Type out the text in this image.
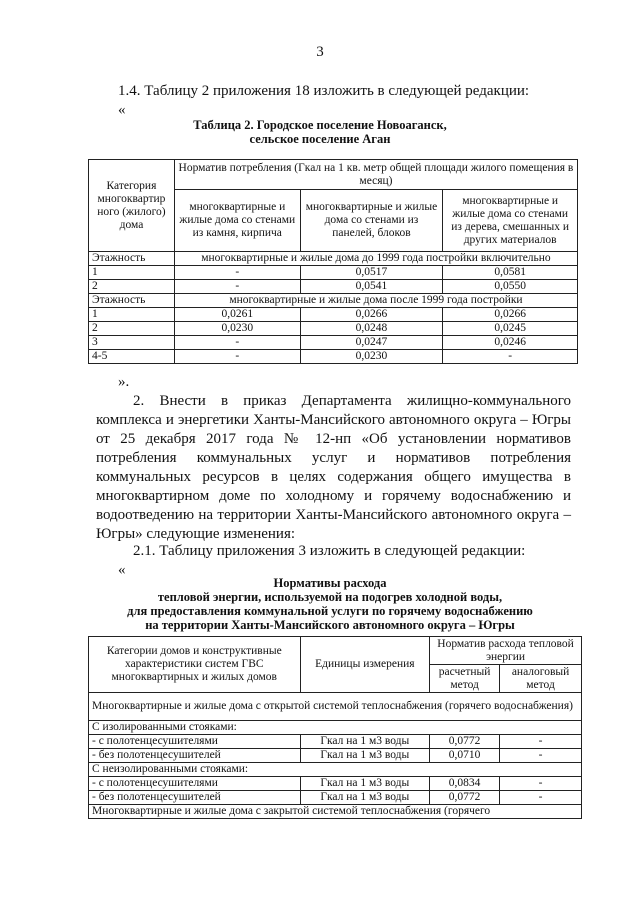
3
1.4. Таблицу 2 приложения 18 изложить в следующей редакции:
«
Таблица 2. Городское поселение Новоаганск,
сельское поселение Аган
Категория многоквартир ного (жилого) дома	Норматив потребления (Гкал на 1 кв. метр общей площади жилого помещения в месяц)		
	многоквартирные и жилые дома со стенами из камня, кирпича	многоквартирные и жилые дома со стенами из панелей, блоков	многоквартирные и жилые дома со стенами из дерева, смешанных и других материалов
Этажность	многоквартирные и жилые дома до 1999 года постройки включительно		
1	-	0,0517	0,0581
2	-	0,0541	0,0550
Этажность	многоквартирные и жилые дома после 1999 года постройки		
1	0,0261	0,0266	0,0266
2	0,0230	0,0248	0,0245
3	-	0,0247	0,0246
4-5	-	0,0230	-
».
2. Внести в приказ Департамента жилищно-коммунального
комплекса и энергетики Ханты-Мансийского автономного округа – Югры
от 25 декабря 2017 года № 12-нп «Об установлении нормативов
потребления коммунальных услуг и нормативов потребления
коммунальных ресурсов в целях содержания общего имущества в
многоквартирном доме по холодному и горячему водоснабжению и
водоотведению на территории Ханты-Мансийского автономного округа –
Югры» следующие изменения:
2.1. Таблицу приложения 3 изложить в следующей редакции:
«
Нормативы расхода
тепловой энергии, используемой на подогрев холодной воды,
для предоставления коммунальной услуги по горячему водоснабжению
на территории Ханты-Мансийского автономного округа – Югры
Категории домов и конструктивные характеристики систем ГВС многоквартирных и жилых домов	Единицы измерения	Норматив расхода тепловой энергии	
		расчетный метод	аналоговый метод
Многоквартирные и жилые дома с открытой системой теплоснабжения (горячего водоснабжения)			
С изолированными стояками:			
- с полотенцесушителями	Гкал на 1 м3 воды	0,0772	-
- без полотенцесушителей	Гкал на 1 м3 воды	0,0710	-
С неизолированными стояками:			
- с полотенцесушителями	Гкал на 1 м3 воды	0,0834	-
- без полотенцесушителей	Гкал на 1 м3 воды	0,0772	-
Многоквартирные и жилые дома с закрытой системой теплоснабжения (горячего			
